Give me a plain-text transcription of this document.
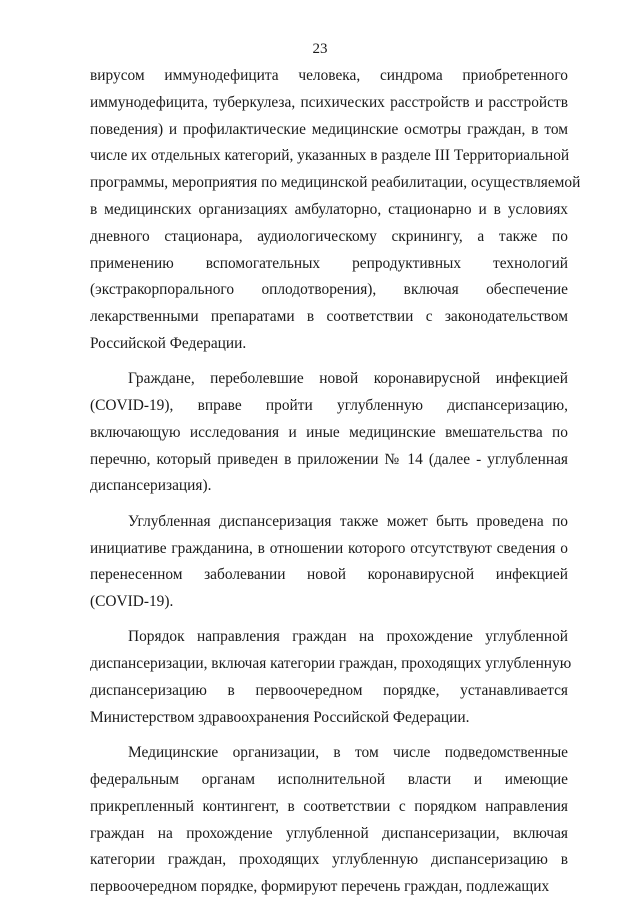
23
вирусом иммунодефицита человека, синдрома приобретенного
иммунодефицита, туберкулеза, психических расстройств и расстройств
поведения) и профилактические медицинские осмотры граждан, в том
числе их отдельных категорий, указанных в разделе III Территориальной
программы, мероприятия по медицинской реабилитации, осуществляемой
в медицинских организациях амбулаторно, стационарно и в условиях
дневного стационара, аудиологическому скринингу, а также по
применению вспомогательных репродуктивных технологий
(экстракорпорального оплодотворения), включая обеспечение
лекарственными препаратами в соответствии с законодательством
Российской Федерации.
Граждане, переболевшие новой коронавирусной инфекцией
(COVID-19), вправе пройти углубленную диспансеризацию,
включающую исследования и иные медицинские вмешательства по
перечню, который приведен в приложении № 14 (далее - углубленная
диспансеризация).
Углубленная диспансеризация также может быть проведена по
инициативе гражданина, в отношении которого отсутствуют сведения о
перенесенном заболевании новой коронавирусной инфекцией
(COVID-19).
Порядок направления граждан на прохождение углубленной
диспансеризации, включая категории граждан, проходящих углубленную
диспансеризацию в первоочередном порядке, устанавливается
Министерством здравоохранения Российской Федерации.
Медицинские организации, в том числе подведомственные
федеральным органам исполнительной власти и имеющие
прикрепленный контингент, в соответствии с порядком направления
граждан на прохождение углубленной диспансеризации, включая
категории граждан, проходящих углубленную диспансеризацию в
первоочередном порядке, формируют перечень граждан, подлежащих
